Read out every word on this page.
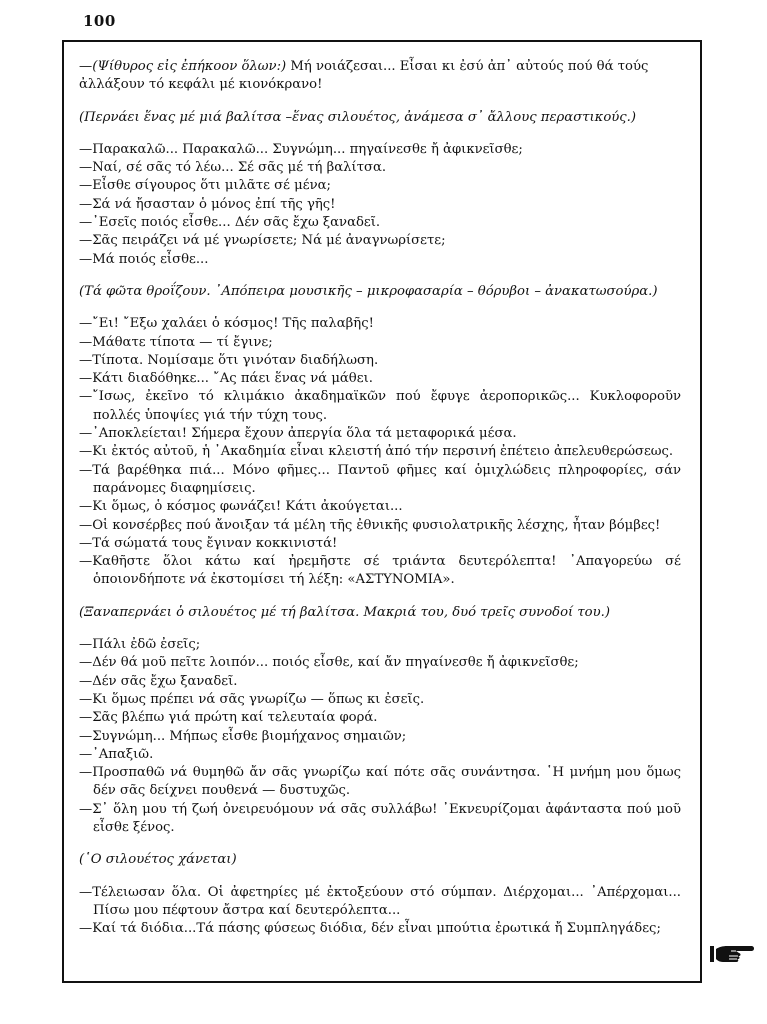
100

—(Ψίθυρος εἰς ἐπήκοον ὅλων:) Μή νοιάζεσαι... Εἶσαι κι ἐσύ ἀπ᾽ αὐτούς πού θά τούς

ἀλλάξουν τό κεφάλι μέ κιονόκρανο!

(Περνάει ἕνας μέ μιά βαλίτσα –ἕνας σιλουέτος, ἀνάμεσα σ᾽ ἄλλους περαστικούς.)

—Παρακαλῶ... Παρακαλῶ... Συγνώμη... πηγαίνεσθε ἤ ἀφικνεῖσθε;

—Ναί, σέ σᾶς τό λέω... Σέ σᾶς μέ τή βαλίτσα.

—Εἶσθε σίγουρος ὅτι μιλᾶτε σέ μένα;

—Σά νά ἤσασταν ὁ μόνος ἐπί τῆς γῆς!

—᾽Εσεῖς ποιός εἶσθε... Δέν σᾶς ἔχω ξαναδεῖ.

—Σᾶς πειράζει νά μέ γνωρίσετε; Νά μέ ἀναγνωρίσετε;

—Μά ποιός εἶσθε...

(Τά φῶτα θροΐζουν. ᾽Απόπειρα μουσικῆς – μικροφασαρία – θόρυβοι – ἀνακατωσούρα.)

—῎Ει! ῎Εξω χαλάει ὁ κόσμος! Τῆς παλαβῆς!

—Μάθατε τίποτα — τί ἔγινε;

—Τίποτα. Νομίσαμε ὅτι γινόταν διαδήλωση.

—Κάτι διαδόθηκε... ῎Ας πάει ἕνας νά μάθει.

—῎Ισως, ἐκεῖνο τό κλιμάκιο ἀκαδημαϊκῶν πού ἔφυγε ἀεροπορικῶς... Κυκλοφοροῦν πολλές ὑποψίες γιά τήν τύχη τους.

—᾽Αποκλείεται! Σήμερα ἔχουν ἀπεργία ὅλα τά μεταφορικά μέσα.

—Κι ἐκτός αὐτοῦ, ἡ ᾽Ακαδημία εἶναι κλειστή ἀπό τήν περσινή ἐπέτειο ἀπελευθερώσεως.

—Τά βαρέθηκα πιά... Μόνο φῆμες... Παντοῦ φῆμες καί ὁμιχλώδεις πληροφορίες, σάν παράνομες διαφημίσεις.

—Κι ὅμως, ὁ κόσμος φωνάζει! Κάτι ἀκούγεται...

—Οἱ κονσέρβες πού ἄνοιξαν τά μέλη τῆς ἐθνικῆς φυσιολατρικῆς λέσχης, ἦταν βόμβες!

—Τά σώματά τους ἔγιναν κοκκινιστά!

—Καθῆστε ὅλοι κάτω καί ἠρεμῆστε σέ τριάντα δευτερόλεπτα! ᾽Απαγορεύω σέ ὁποιονδήποτε νά ἐκστομίσει τή λέξη: «ΑΣΤΥΝΟΜΙΑ».

(Ξαναπερνάει ὁ σιλουέτος μέ τή βαλίτσα. Μακριά του, δυό τρεῖς συνοδοί του.)

—Πάλι ἐδῶ ἐσεῖς;

—Δέν θά μοῦ πεῖτε λοιπόν... ποιός εἶσθε, καί ἄν πηγαίνεσθε ἤ ἀφικνεῖσθε;

—Δέν σᾶς ἔχω ξαναδεῖ.

—Κι ὅμως πρέπει νά σᾶς γνωρίζω — ὅπως κι ἐσεῖς.

—Σᾶς βλέπω γιά πρώτη καί τελευταία φορά.

—Συγνώμη... Μήπως εἶσθε βιομήχανος σημαιῶν;

—᾽Απαξιῶ.

—Προσπαθῶ νά θυμηθῶ ἄν σᾶς γνωρίζω καί πότε σᾶς συνάντησα. ῾Η μνήμη μου ὅμως δέν σᾶς δείχνει πουθενά — δυστυχῶς.

—Σ᾽ ὅλη μου τή ζωή ὀνειρευόμουν νά σᾶς συλλάβω! ᾽Εκνευρίζομαι ἀφάνταστα πού μοῦ εἶσθε ξένος.

(῾Ο σιλουέτος χάνεται)

—Τέλειωσαν ὅλα. Οἱ ἀφετηρίες μέ ἐκτοξεύουν στό σύμπαν. Διέρχομαι... ᾽Απέρχομαι... Πίσω μου πέφτουν ἄστρα καί δευτερόλεπτα...

—Καί τά διόδια...Τά πάσης φύσεως διόδια, δέν εἶναι μπούτια ἐρωτικά ἤ Συμπληγάδες;
